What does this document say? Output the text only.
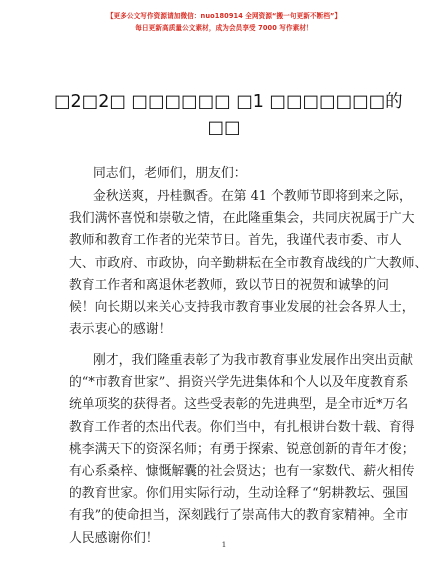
【更多公文写作资源请加微信：nuo180914 全网资源“搬一句更新不断档”】
每日更新高质量公文素材，成为会员享受 7000 写作素材！
□2□2□ □□□□□□ □1 □□□□□□□的
□□
同志们，老师们，朋友们：
金秋送爽，丹桂飘香。在第 41 个教师节即将到来之际，
我们满怀喜悦和崇敬之情，在此隆重集会，共同庆祝属于广大
教师和教育工作者的光荣节日。首先，我谨代表市委、市人
大、市政府、市政协，向辛勤耕耘在全市教育战线的广大教师、
教育工作者和离退休老教师，致以节日的祝贺和诚挚的问
候！向长期以来关心支持我市教育事业发展的社会各界人士，
表示衷心的感谢！
刚才，我们隆重表彰了为我市教育事业发展作出突出贡献
的“*市教育世家”、捐资兴学先进集体和个人以及年度教育系
统单项奖的获得者。这些受表彰的先进典型，是全市近*万名
教育工作者的杰出代表。你们当中，有扎根讲台数十载、育得
桃李满天下的资深名师；有勇于探索、锐意创新的青年才俊；
有心系桑梓、慷慨解囊的社会贤达；也有一家数代、薪火相传
的教育世家。你们用实际行动，生动诠释了“躬耕教坛、强国
有我”的使命担当，深刻践行了崇高伟大的教育家精神。全市
人民感谢你们！	1
